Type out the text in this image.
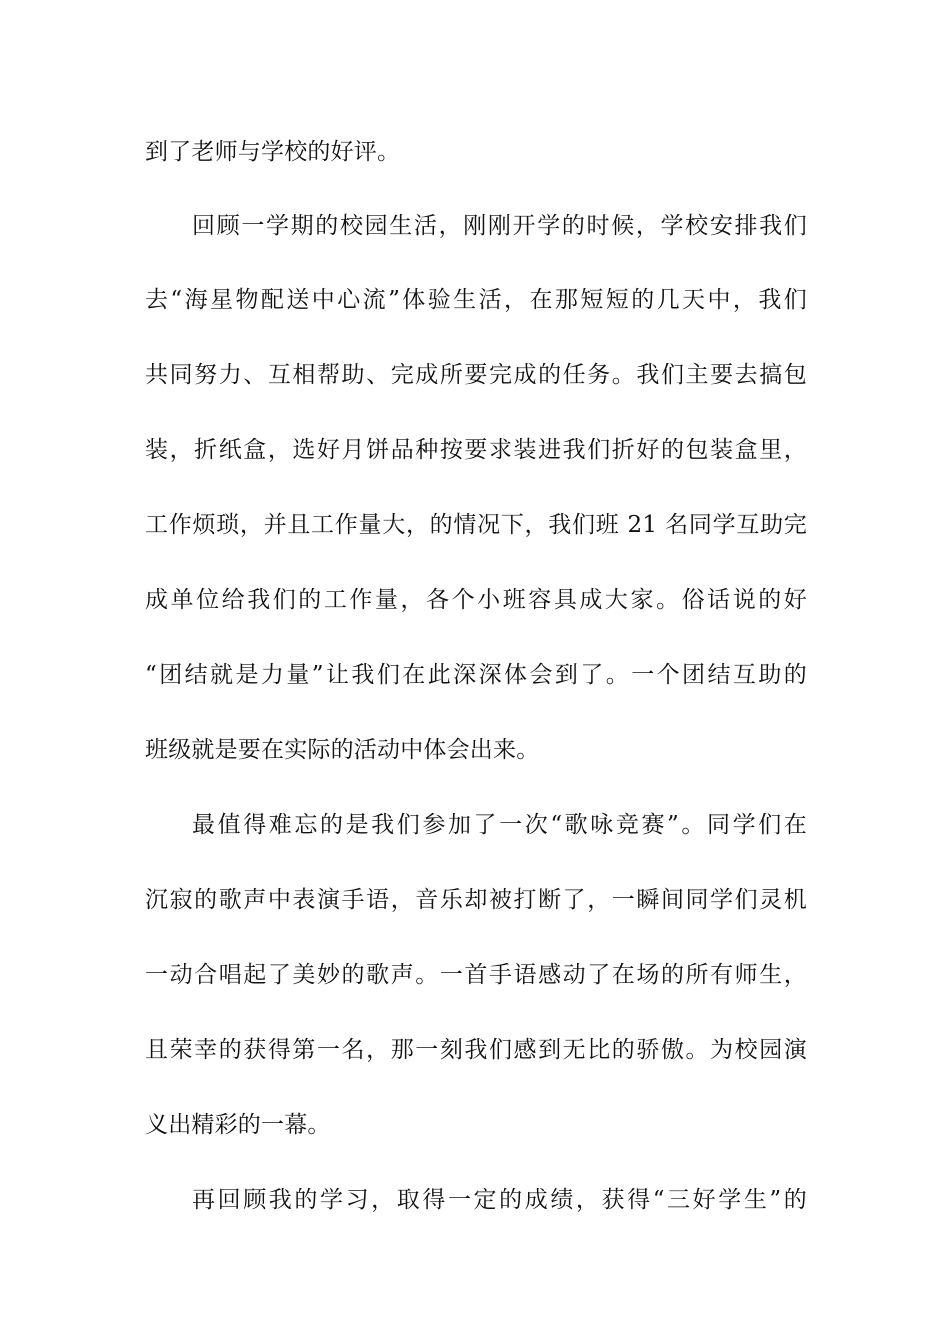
到了老师与学校的好评。
回顾一学期的校园生活，刚刚开学的时候，学校安排我们
去“海星物配送中心流”体验生活，在那短短的几天中，我们
共同努力、互相帮助、完成所要完成的任务。我们主要去搞包
装，折纸盒，选好月饼品种按要求装进我们折好的包装盒里，
工作烦琐，并且工作量大，的情况下，我们班 21 名同学互助完
成单位给我们的工作量，各个小班容具成大家。俗话说的好
“团结就是力量”让我们在此深深体会到了。一个团结互助的
班级就是要在实际的活动中体会出来。
最值得难忘的是我们参加了一次“歌咏竞赛”。同学们在
沉寂的歌声中表演手语，音乐却被打断了，一瞬间同学们灵机
一动合唱起了美妙的歌声。一首手语感动了在场的所有师生，
且荣幸的获得第一名，那一刻我们感到无比的骄傲。为校园演
义出精彩的一幕。
再回顾我的学习，取得一定的成绩，获得“三好学生”的
